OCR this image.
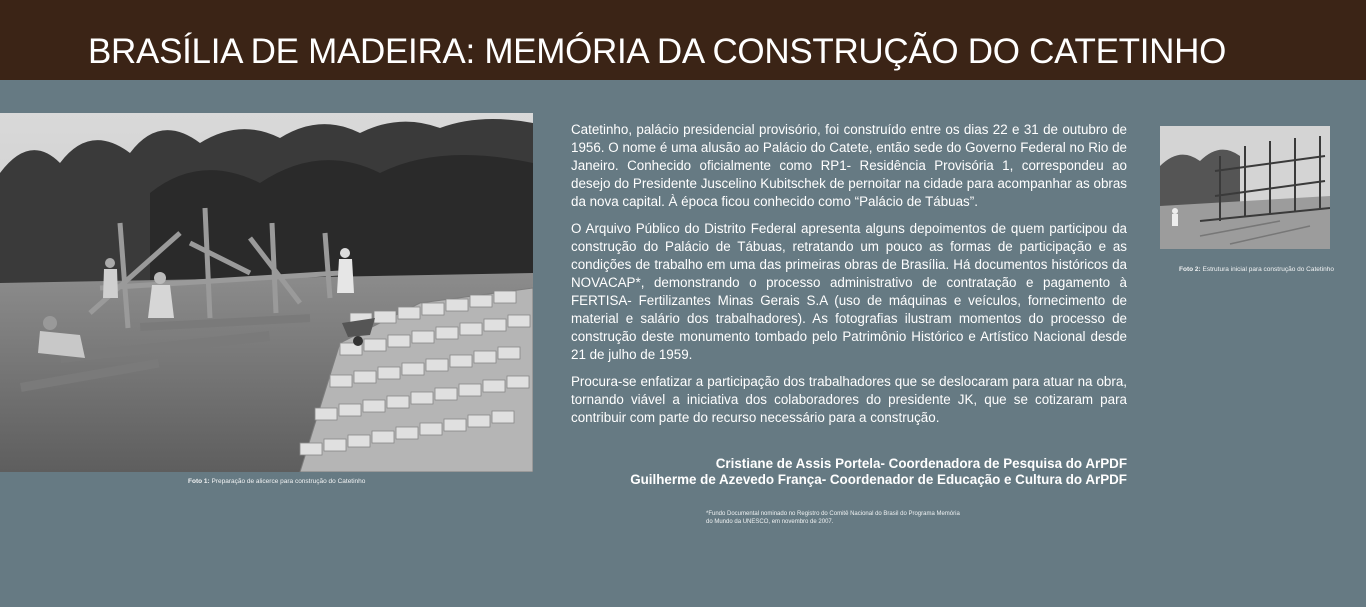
BRASÍLIA DE MADEIRA: MEMÓRIA DA CONSTRUÇÃO DO CATETINHO
Foto 1: Preparação de alicerce para construção do Catetinho

Catetinho, palácio presidencial provisório, foi construído entre os dias 22 e 31 de outubro de 1956. O nome é uma alusão ao Palácio do Catete, então sede do Governo Federal no Rio de Janeiro. Conhecido oficialmente como RP1- Residência Provisória 1, correspondeu ao desejo do Presidente Juscelino Kubitschek de pernoitar na cidade para acompanhar as obras da nova capital. À época ficou conhecido como “Palácio de Tábuas”.

O Arquivo Público do Distrito Federal apresenta alguns depoimentos de quem participou da construção do Palácio de Tábuas, retratando um pouco as formas de participação e as condições de trabalho em uma das primeiras obras de Brasília. Há documentos históricos da NOVACAP*, demonstrando o processo administrativo de contratação e pagamento à FERTISA- Fertilizantes Minas Gerais S.A (uso de máquinas e veículos, fornecimento de material e salário dos trabalhadores). As fotografias ilustram momentos do processo de construção deste monumento tombado pelo Patrimônio Histórico e Artístico Nacional desde 21 de julho de 1959.

Procura-se enfatizar a participação dos trabalhadores que se deslocaram para atuar na obra, tornando viável a iniciativa dos colaboradores do presidente JK, que se cotizaram para contribuir com parte do recurso necessário para a construção.

Cristiane de Assis Portela- Coordenadora de Pesquisa do ArPDF
Guilherme de Azevedo França- Coordenador de Educação e Cultura do ArPDF
*Fundo Documental nominado no Registro do Comitê Nacional do Brasil do Programa Memória
do Mundo da UNESCO, em novembro de 2007.
Foto 2: Estrutura inicial para construção do Catetinho
